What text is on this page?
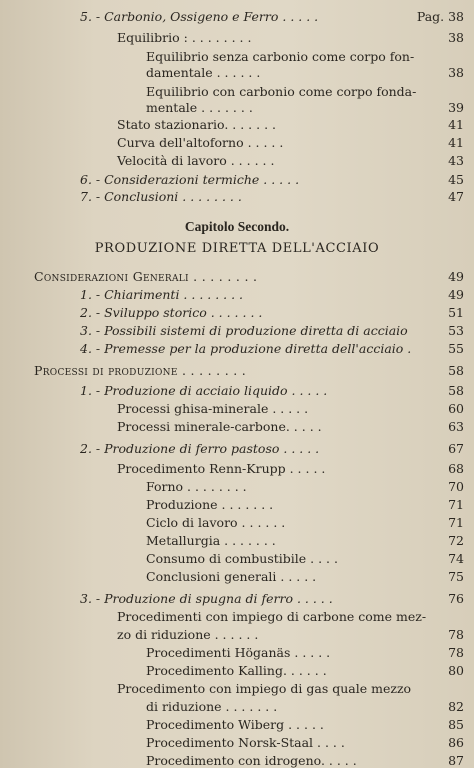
Capitolo Secondo.
PRODUZIONE DIRETTA DELL'ACCIAIO
5. - Carbonio, Ossigeno e Ferro . . . . .	Pag. 38
Equilibrio : . . . . . . . .	38
Equilibrio senza carbonio come corpo fon-
damentale . . . . . .	38
Equilibrio con carbonio come corpo fonda-
mentale . . . . . . .	39
Stato stazionario. . . . . . .	41
Curva dell'altoforno . . . . .	41
Velocità di lavoro . . . . . .	43
6. - Considerazioni termiche . . . . .	45
7. - Conclusioni . . . . . . . .	47
Considerazioni Generali . . . . . . . .	49
1. - Chiarimenti . . . . . . . .	49
2. - Sviluppo storico . . . . . . .	51
3. - Possibili sistemi di produzione diretta di acciaio	53
4. - Premesse per la produzione diretta dell'acciaio .	55
Processi di produzione . . . . . . . .	58
1. - Produzione di acciaio liquido . . . . .	58
Processi ghisa-minerale . . . . .	60
Processi minerale-carbone. . . . .	63
2. - Produzione di ferro pastoso . . . . .	67
Procedimento Renn-Krupp . . . . .	68
Forno . . . . . . . .	70
Produzione . . . . . . .	71
Ciclo di lavoro . . . . . .	71
Metallurgia . . . . . . .	72
Consumo di combustibile . . . .	74
Conclusioni generali . . . . .	75
3. - Produzione di spugna di ferro . . . . .	76
Procedimenti con impiego di carbone come mez-
zo di riduzione . . . . . .	78
Procedimenti Höganäs . . . . .	78
Procedimento Kalling. . . . . .	80
Procedimento con impiego di gas quale mezzo
di riduzione . . . . . . .	82
Procedimento Wiberg . . . . .	85
Procedimento Norsk-Staal . . . .	86
Procedimento con idrogeno. . . . .	87
